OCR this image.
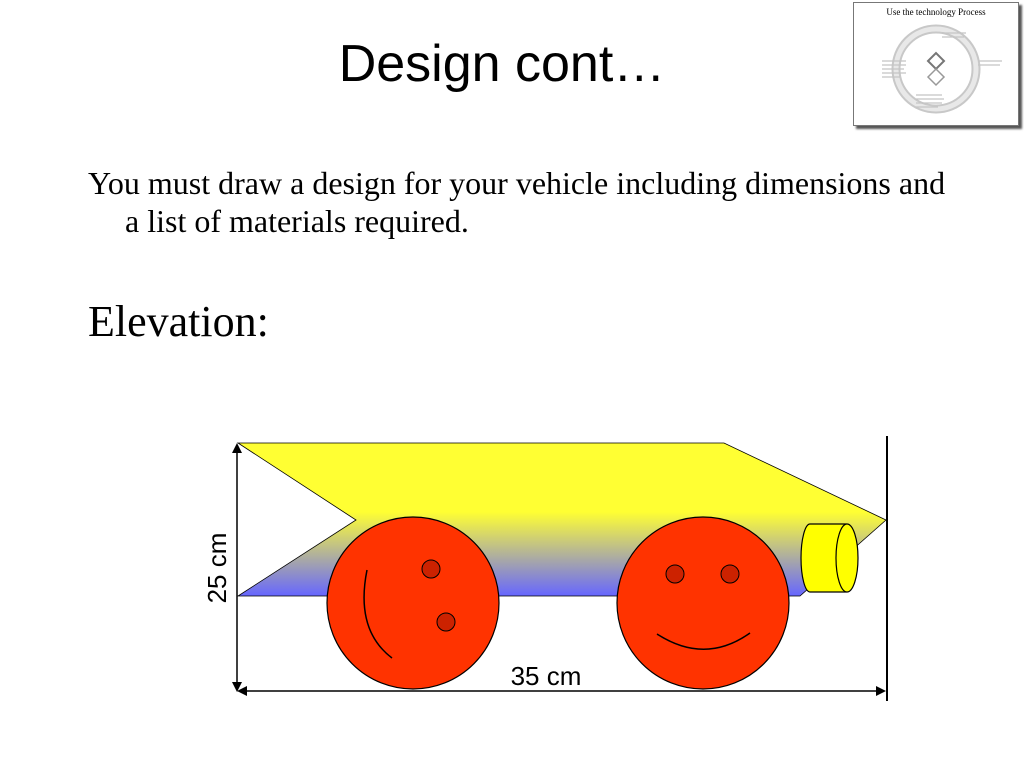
Design cont…
Use the technology Process
You must draw a design for your vehicle including dimensions and a list of materials required.
Elevation:
25 cm
35 cm
